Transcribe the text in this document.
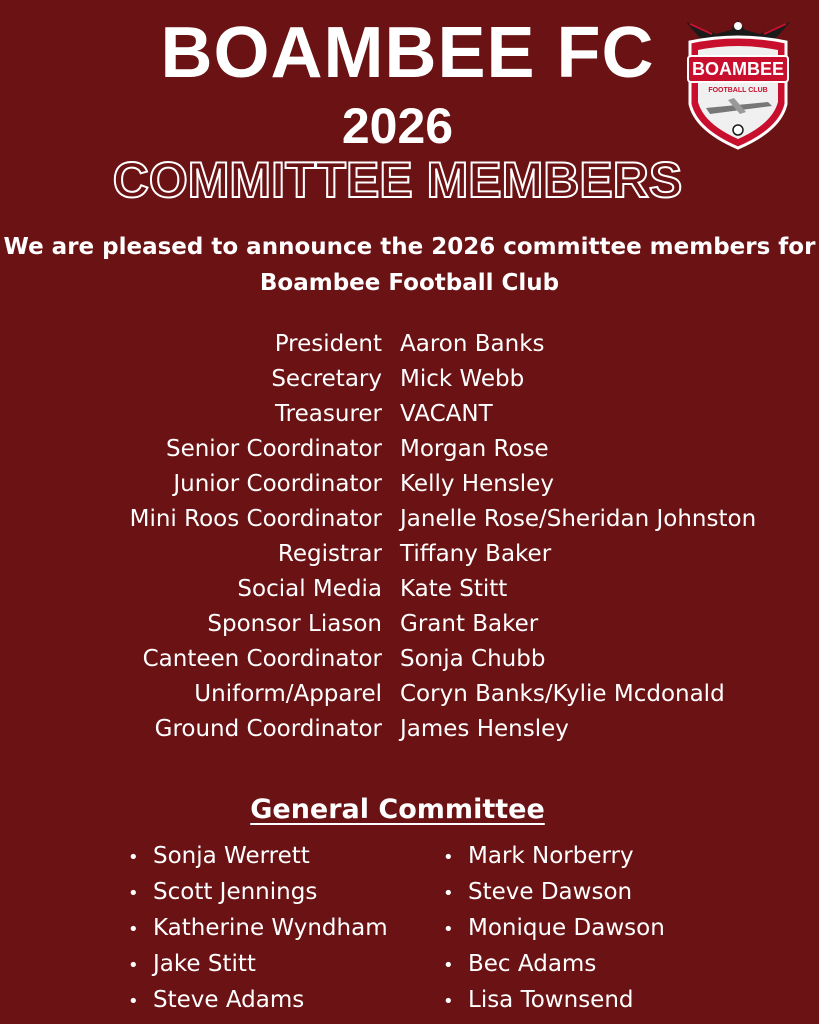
BOAMBEE FC
2026
COMMITTEE MEMBERS
BOAMBEE
FOOTBALL CLUB
We are pleased to announce the 2026 committee members for
Boambee Football Club
President Aaron Banks
Secretary Mick Webb
Treasurer VACANT
Senior Coordinator Morgan Rose
Junior Coordinator Kelly Hensley
Mini Roos Coordinator Janelle Rose/Sheridan Johnston
Registrar Tiffany Baker
Social Media Kate Stitt
Sponsor Liason Grant Baker
Canteen Coordinator Sonja Chubb
Uniform/Apparel Coryn Banks/Kylie Mcdonald
Ground Coordinator James Hensley
General Committee
• Sonja Werrett
• Scott Jennings
• Katherine Wyndham
• Jake Stitt
• Steve Adams
• Mark Norberry
• Steve Dawson
• Monique Dawson
• Bec Adams
• Lisa Townsend
